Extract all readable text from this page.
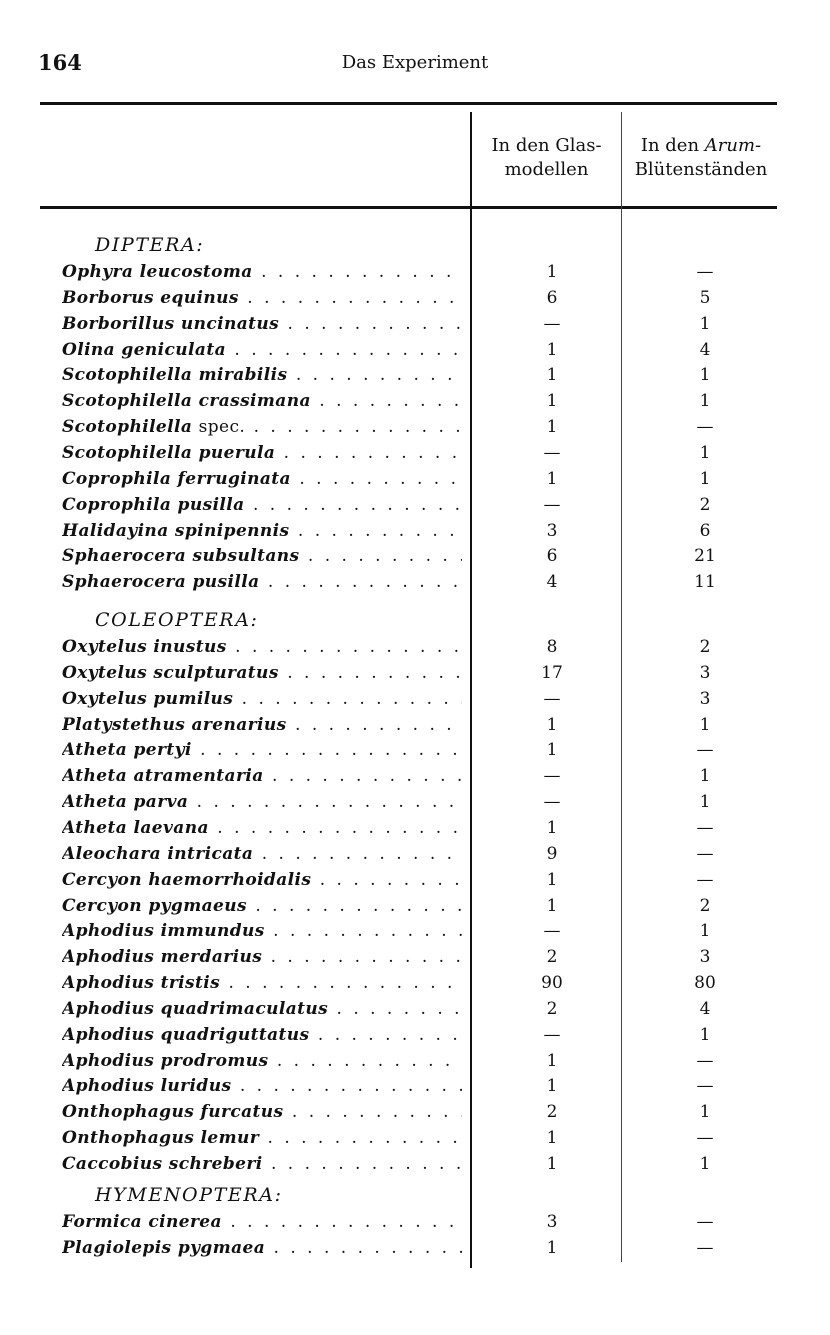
164	Das Experiment
In den Glas-
modellen
In den Arum-
Blütenständen
DIPTERA:
Ophyra leucostoma . . .	1	—
Borborus equinus . . .	6	5
Borborillus uncinatus . . .	—	1
Olina geniculata . . .	1	4
Scotophilella mirabilis . . .	1	1
Scotophilella crassimana . . .	1	1
Scotophilella spec. . . .	1	—
Scotophilella puerula . . .	—	1
Coprophila ferruginata . . .	1	1
Coprophila pusilla . . .	—	2
Halidayina spinipennis . . .	3	6
Sphaerocera subsultans . . .	6	21
Sphaerocera pusilla . . .	4	11
COLEOPTERA:
Oxytelus inustus . . .	8	2
Oxytelus sculpturatus . . .	17	3
Oxytelus pumilus . . .	—	3
Platystethus arenarius . . .	1	1
Atheta pertyi . . .	1	—
Atheta atramentaria . . .	—	1
Atheta parva . . .	—	1
Atheta laevana . . .	1	—
Aleochara intricata . . .	9	—
Cercyon haemorrhoidalis . . .	1	—
Cercyon pygmaeus . . .	1	2
Aphodius immundus . . .	—	1
Aphodius merdarius . . .	2	3
Aphodius tristis . . .	90	80
Aphodius quadrimaculatus . . .	2	4
Aphodius quadriguttatus . . .	—	1
Aphodius prodromus . . .	1	—
Aphodius luridus . . .	1	—
Onthophagus furcatus . . .	2	1
Onthophagus lemur . . .	1	—
Caccobius schreberi . . .	1	1
HYMENOPTERA:
Formica cinerea . . .	3	—
Plagiolepis pygmaea . . .	1	—
